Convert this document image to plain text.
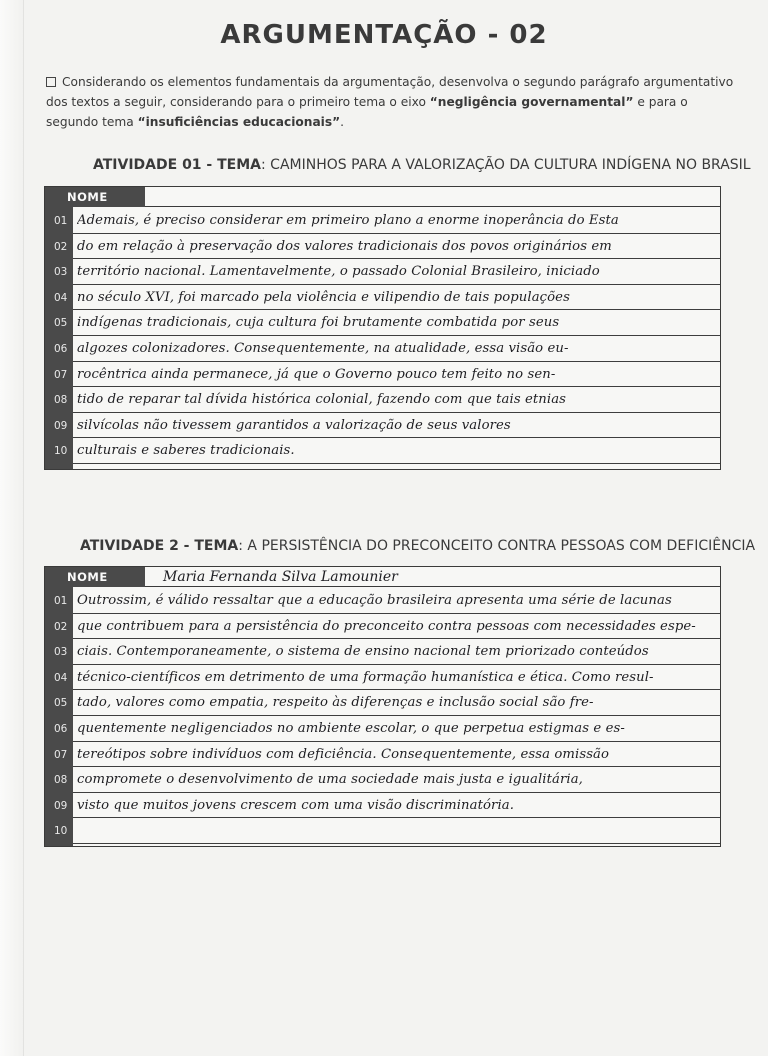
ARGUMENTAÇÃO - 02

Considerando os elementos fundamentais da argumentação, desenvolva o segundo parágrafo argumentativo dos textos a seguir, considerando para o primeiro tema o eixo “negligência governamental” e para o segundo tema “insuficiências educacionais”.

ATIVIDADE 01 - TEMA: CAMINHOS PARA A VALORIZAÇÃO DA CULTURA INDÍGENA NO BRASIL
NOME
01 Ademais, é preciso considerar em primeiro plano a enorme inoperância do Esta
02 do em relação à preservação dos valores tradicionais dos povos originários em
03 território nacional. Lamentavelmente, o passado Colonial Brasileiro, iniciado
04 no século XVI, foi marcado pela violência e vilipendio de tais populações
05 indígenas tradicionais, cuja cultura foi brutamente combatida por seus
06 algozes colonizadores. Consequentemente, na atualidade, essa visão eu-
07 rocêntrica ainda permanece, já que o Governo pouco tem feito no sen-
08 tido de reparar tal dívida histórica colonial, fazendo com que tais etnias
09 silvícolas não tivessem garantidos a valorização de seus valores
10 culturais e saberes tradicionais.
ATIVIDADE 2 - TEMA: A PERSISTÊNCIA DO PRECONCEITO CONTRA PESSOAS COM DEFICIÊNCIA
NOME	Maria Fernanda Silva Lamounier
01 Outrossim, é válido ressaltar que a educação brasileira apresenta uma série de lacunas
02 que contribuem para a persistência do preconceito contra pessoas com necessidades espe-
03 ciais. Contemporaneamente, o sistema de ensino nacional tem priorizado conteúdos
04 técnico-científicos em detrimento de uma formação humanística e ética. Como resul-
05 tado, valores como empatia, respeito às diferenças e inclusão social são fre-
06 quentemente negligenciados no ambiente escolar, o que perpetua estigmas e es-
07 tereótipos sobre indivíduos com deficiência. Consequentemente, essa omissão
08 compromete o desenvolvimento de uma sociedade mais justa e igualitária,
09 visto que muitos jovens crescem com uma visão discriminatória.
10
